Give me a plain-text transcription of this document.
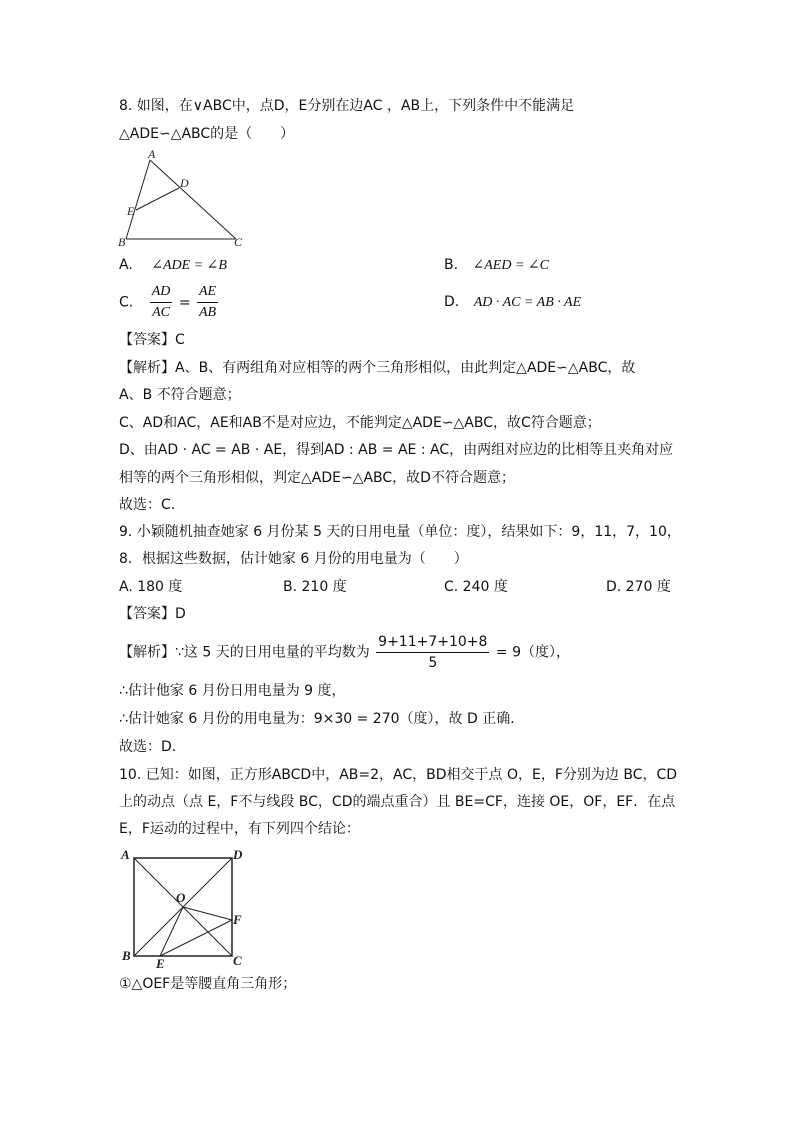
8. 如图，在∨ABC中，点D，E分别在边AC ，AB上，下列条件中不能满足
△ADE∽△ABC的是（　　）
A
D
E
B	C
A. ∠ADE = ∠B	B. ∠AED = ∠C
C. $\frac{AD}{AC} = \frac{AE}{AB}$	D. AD · AC = AB · AE
【答案】C
【解析】A、B、有两组角对应相等的两个三角形相似，由此判定△ADE∽△ABC，故
A、B 不符合题意；
C、AD和AC，AE和AB不是对应边，不能判定△ADE∽△ABC，故C符合题意；
D、由AD · AC = AB · AE，得到AD : AB = AE : AC，由两组对应边的比相等且夹角对应
相等的两个三角形相似，判定△ADE∽△ABC，故D不符合题意；
故选：C.
9. 小颖随机抽查她家 6 月份某 5 天的日用电量（单位：度），结果如下：9，11，7，10，
8．根据这些数据，估计她家 6 月份的用电量为（　　）
A. 180 度	B. 210 度	C. 240 度	D. 270 度
【答案】D
【解析】∵这 5 天的日用电量的平均数为 $\frac{9+11+7+10+8}{5} = 9$（度），
∴估计他家 6 月份日用电量为 9 度，
∴估计她家 6 月份的用电量为：9×30 = 270（度），故 D 正确．
故选：D．
10. 已知：如图，正方形ABCD中，AB=2，AC，BD相交于点 O，E，F分别为边 BC，CD
上的动点（点 E，F不与线段 BC，CD的端点重合）且 BE=CF，连接 OE，OF，EF．在点
E，F运动的过程中，有下列四个结论：
A	D
O
F
B	C
E
①△OEF是等腰直角三角形；
